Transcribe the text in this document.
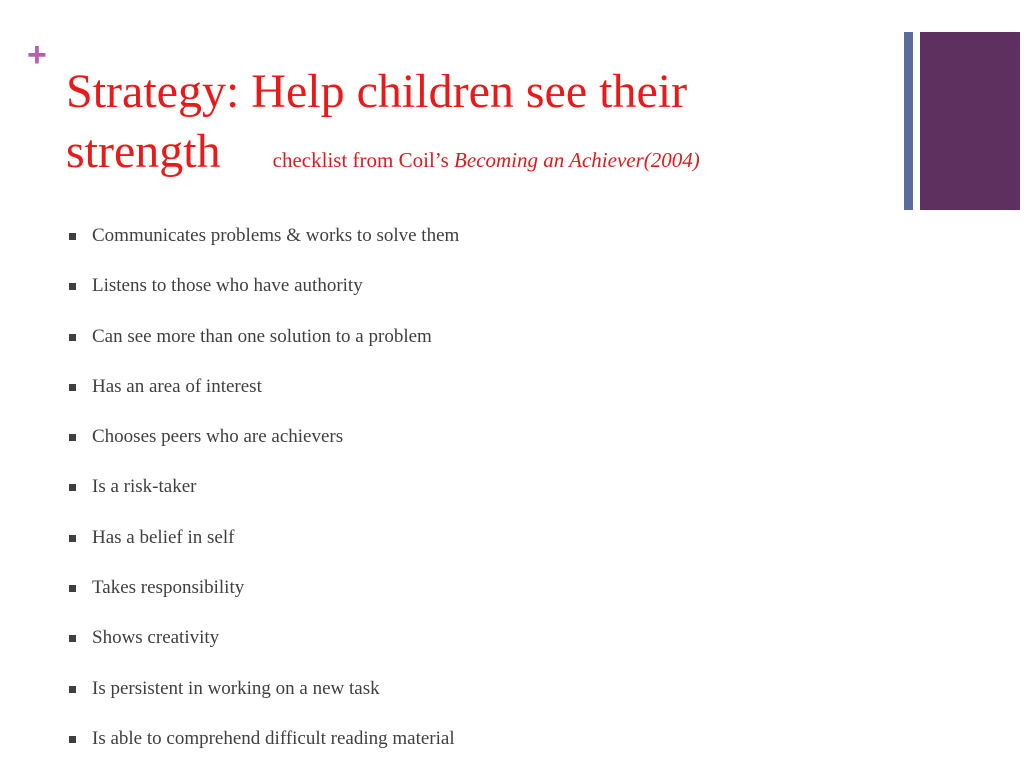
+
Strategy: Help children see their
strength checklist from Coil’s Becoming an Achiever(2004)
Communicates problems & works to solve them
Listens to those who have authority
Can see more than one solution to a problem
Has an area of interest
Chooses peers who are achievers
Is a risk-taker
Has a belief in self
Takes responsibility
Shows creativity
Is persistent in working on a new task
Is able to comprehend difficult reading material
